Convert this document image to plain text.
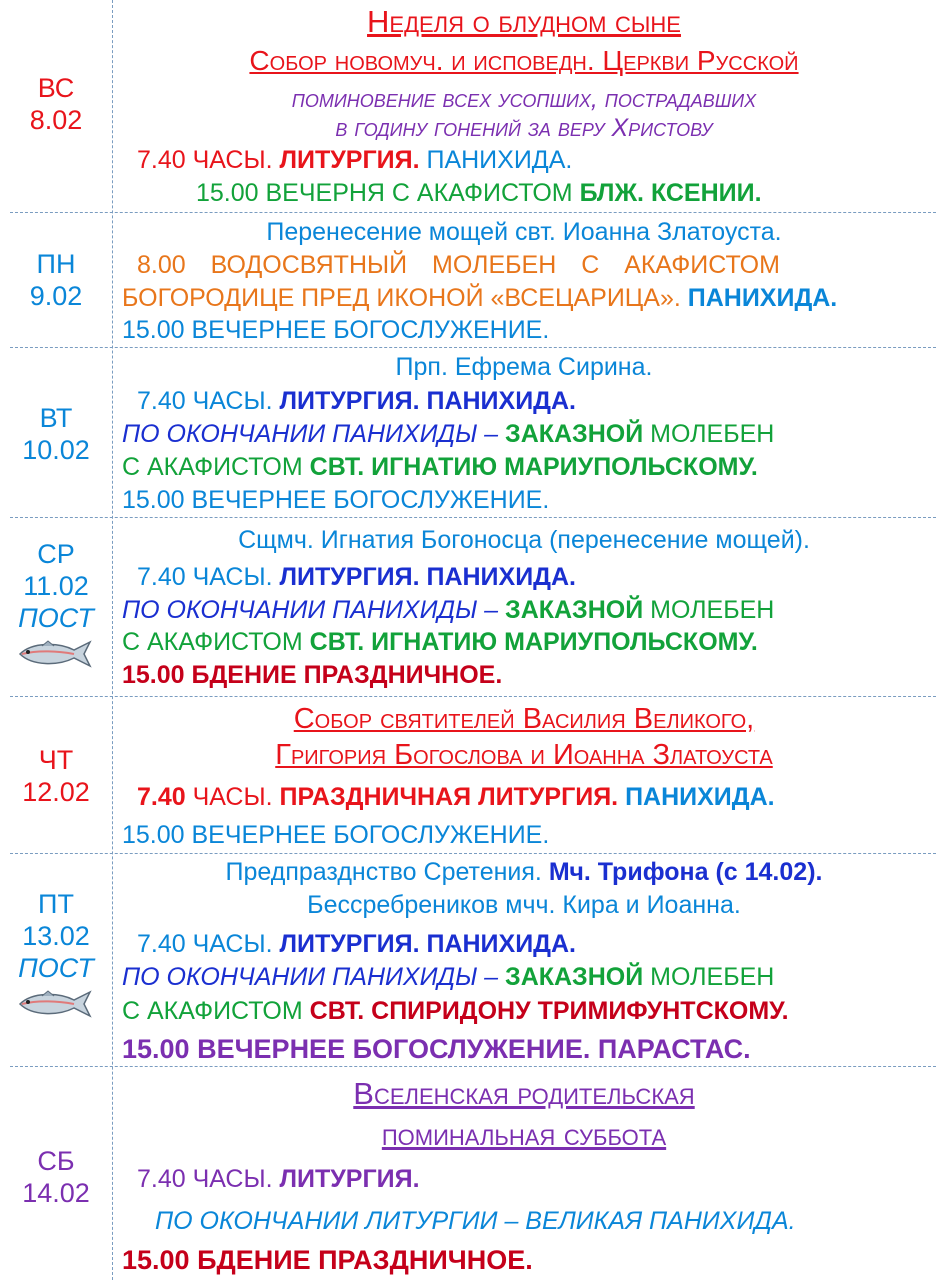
ВС
8.02
Неделя о блудном сыне
Собор новомуч. и исповедн. Церкви Русской
поминовение всех усопших, пострадавших
в годину гонений за веру Христову
7.40 ЧАСЫ. ЛИТУРГИЯ. ПАНИХИДА.
15.00 ВЕЧЕРНЯ С АКАФИСТОМ БЛЖ. КСЕНИИ.
ПН
9.02
Перенесение мощей свт. Иоанна Златоуста.
8.00 ВОДОСВЯТНЫЙ МОЛЕБЕН С АКАФИСТОМ
БОГОРОДИЦЕ ПРЕД ИКОНОЙ «ВСЕЦАРИЦА». ПАНИХИДА.
15.00 ВЕЧЕРНЕЕ БОГОСЛУЖЕНИЕ.
ВТ
10.02
Прп. Ефрема Сирина.
7.40 ЧАСЫ. ЛИТУРГИЯ. ПАНИХИДА.
ПО ОКОНЧАНИИ ПАНИХИДЫ – ЗАКАЗНОЙ МОЛЕБЕН
С АКАФИСТОМ СВТ. ИГНАТИЮ МАРИУПОЛЬСКОМУ.
15.00 ВЕЧЕРНЕЕ БОГОСЛУЖЕНИЕ.
СР
11.02
ПОСТ
Сщмч. Игнатия Богоносца (перенесение мощей).
7.40 ЧАСЫ. ЛИТУРГИЯ. ПАНИХИДА.
ПО ОКОНЧАНИИ ПАНИХИДЫ – ЗАКАЗНОЙ МОЛЕБЕН
С АКАФИСТОМ СВТ. ИГНАТИЮ МАРИУПОЛЬСКОМУ.
15.00 БДЕНИЕ ПРАЗДНИЧНОЕ.
ЧТ
12.02
Собор святителей Василия Великого,
Григория Богослова и Иоанна Златоуста
7.40 ЧАСЫ. ПРАЗДНИЧНАЯ ЛИТУРГИЯ. ПАНИХИДА.
15.00 ВЕЧЕРНЕЕ БОГОСЛУЖЕНИЕ.
ПТ
13.02
ПОСТ
Предпразднство Сретения. Мч. Трифона (с 14.02).
Бессребреников мчч. Кира и Иоанна.
7.40 ЧАСЫ. ЛИТУРГИЯ. ПАНИХИДА.
ПО ОКОНЧАНИИ ПАНИХИДЫ – ЗАКАЗНОЙ МОЛЕБЕН
С АКАФИСТОМ СВТ. СПИРИДОНУ ТРИМИФУНТСКОМУ.
15.00 ВЕЧЕРНЕЕ БОГОСЛУЖЕНИЕ. ПАРАСТАС.
СБ
14.02
Вселенская родительская
поминальная суббота
7.40 ЧАСЫ. ЛИТУРГИЯ.
ПО ОКОНЧАНИИ ЛИТУРГИИ – ВЕЛИКАЯ ПАНИХИДА.
15.00 БДЕНИЕ ПРАЗДНИЧНОЕ.
